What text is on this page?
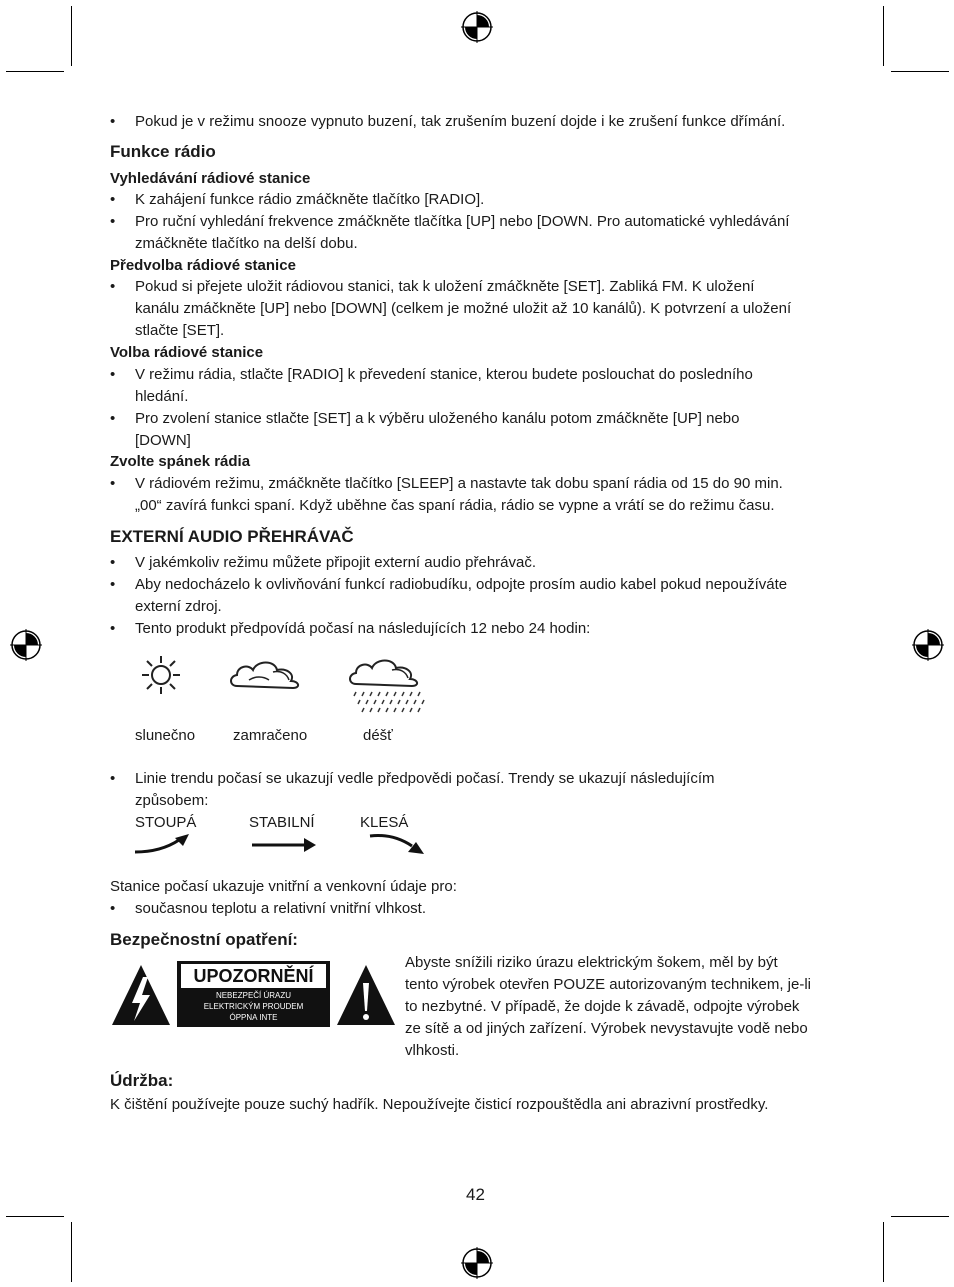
• Pokud je v režimu snooze vypnuto buzení, tak zrušením buzení dojde i ke zrušení funkce dřímání.
Funkce rádio
Vyhledávání rádiové stanice
• K zahájení funkce rádio zmáčkněte tlačítko [RADIO].
• Pro ruční vyhledání frekvence zmáčkněte tlačítka [UP] nebo [DOWN. Pro automatické vyhledávání
zmáčkněte tlačítko na delší dobu.
Předvolba rádiové stanice
• Pokud si přejete uložit rádiovou stanici, tak k uložení zmáčkněte [SET]. Zabliká FM. K uložení
kanálu zmáčkněte [UP] nebo [DOWN] (celkem je možné uložit až 10 kanálů). K potvrzení a uložení
stlačte [SET].
Volba rádiové stanice
• V režimu rádia, stlačte [RADIO] k převedení stanice, kterou budete poslouchat do posledního
hledání.
• Pro zvolení stanice stlačte [SET] a k výběru uloženého kanálu potom zmáčkněte [UP] nebo
[DOWN]
Zvolte spánek rádia
• V rádiovém režimu, zmáčkněte tlačítko [SLEEP] a nastavte tak dobu spaní rádia od 15 do 90 min.
„00“ zavírá funkci spaní. Když uběhne čas spaní rádia, rádio se vypne a vrátí se do režimu času.
EXTERNÍ AUDIO PŘEHRÁVAČ
• V jakémkoliv režimu můžete připojit externí audio přehrávač.
• Aby nedocházelo k ovlivňování funkcí radiobudíku, odpojte prosím audio kabel pokud nepoužíváte
externí zdroj.
• Tento produkt předpovídá počasí na následujících 12 nebo 24 hodin:
slunečno	zamračeno	déšť
• Linie trendu počasí se ukazují vedle předpovědi počasí. Trendy se ukazují následujícím
způsobem:
STOUPÁ	STABILNÍ	KLESÁ
Stanice počasí ukazuje vnitřní a venkovní údaje pro:
• současnou teplotu a relativní vnitřní vlhkost.
Bezpečnostní opatření:
UPOZORNĚNÍ
NEBEZPEČÍ ÚRAZU
ELEKTRICKÝM PROUDEM
ÓPPNA INTE
Abyste snížili riziko úrazu elektrickým šokem, měl by být
tento výrobek otevřen POUZE autorizovaným technikem, je-li
to nezbytné. V případě, že dojde k závadě, odpojte výrobek
ze sítě a od jiných zařízení. Výrobek nevystavujte vodě nebo
vlhkosti.
Údržba:
K čištění používejte pouze suchý hadřík. Nepoužívejte čisticí rozpouštědla ani abrazivní prostředky.
42
